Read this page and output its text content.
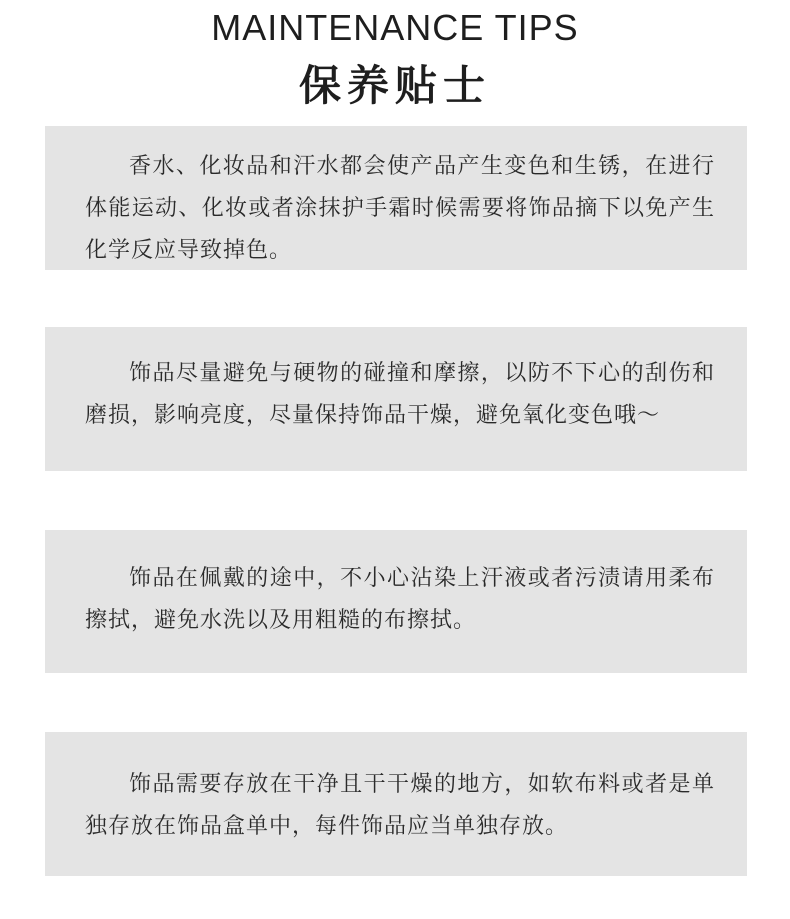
MAINTENANCE TIPS
保养贴士

香水、化妆品和汗水都会使产品产生变色和生锈，在进行体能运动、化妆或者涂抹护手霜时候需要将饰品摘下以免产生化学反应导致掉色。

饰品尽量避免与硬物的碰撞和摩擦，以防不下心的刮伤和磨损，影响亮度，尽量保持饰品干燥，避免氧化变色哦～

饰品在佩戴的途中，不小心沾染上汗液或者污渍请用柔布擦拭，避免水洗以及用粗糙的布擦拭。

饰品需要存放在干净且干干燥的地方，如软布料或者是单独存放在饰品盒单中，每件饰品应当单独存放。
